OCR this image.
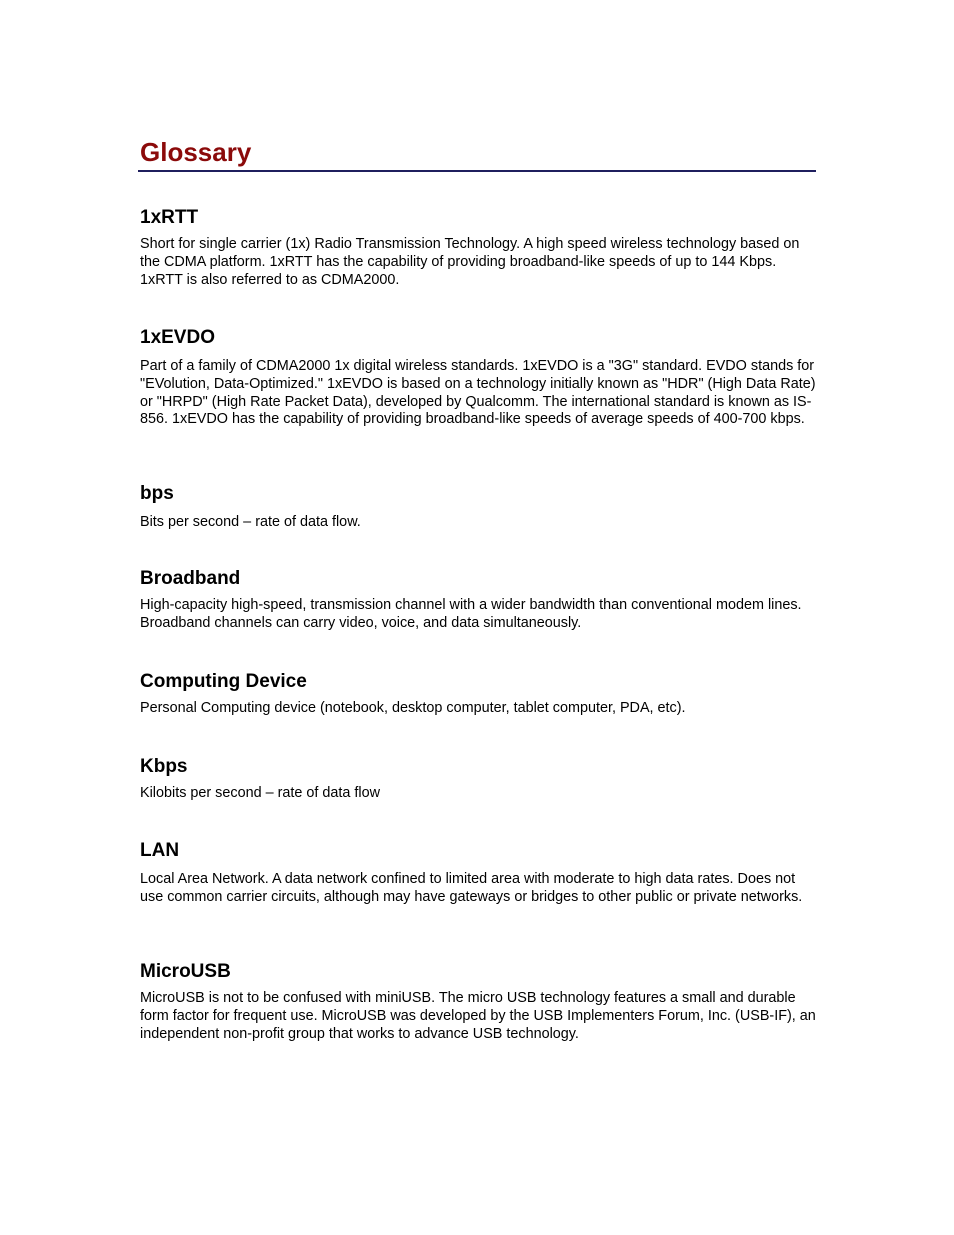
Glossary
1xRTT

Short for single carrier (1x) Radio Transmission Technology. A high speed wireless technology based on the CDMA platform. 1xRTT has the capability of providing broadband-like speeds of up to 144 Kbps. 1xRTT is also referred to as CDMA2000.

1xEVDO

Part of a family of CDMA2000 1x digital wireless standards. 1xEVDO is a "3G" standard. EVDO stands for "EVolution, Data-Optimized." 1xEVDO is based on a technology initially known as "HDR" (High Data Rate) or "HRPD" (High Rate Packet Data), developed by Qualcomm. The international standard is known as IS-856. 1xEVDO has the capability of providing broadband-like speeds of average speeds of 400-700 kbps.

bps

Bits per second – rate of data flow.

Broadband

High-capacity high-speed, transmission channel with a wider bandwidth than conventional modem lines. Broadband channels can carry video, voice, and data simultaneously.

Computing Device

Personal Computing device (notebook, desktop computer, tablet computer, PDA, etc).

Kbps

Kilobits per second – rate of data flow

LAN

Local Area Network. A data network confined to limited area with moderate to high data rates. Does not use common carrier circuits, although may have gateways or bridges to other public or private networks.

MicroUSB

MicroUSB is not to be confused with miniUSB. The micro USB technology features a small and durable form factor for frequent use. MicroUSB was developed by the USB Implementers Forum, Inc. (USB-IF), an independent non-profit group that works to advance USB technology.
